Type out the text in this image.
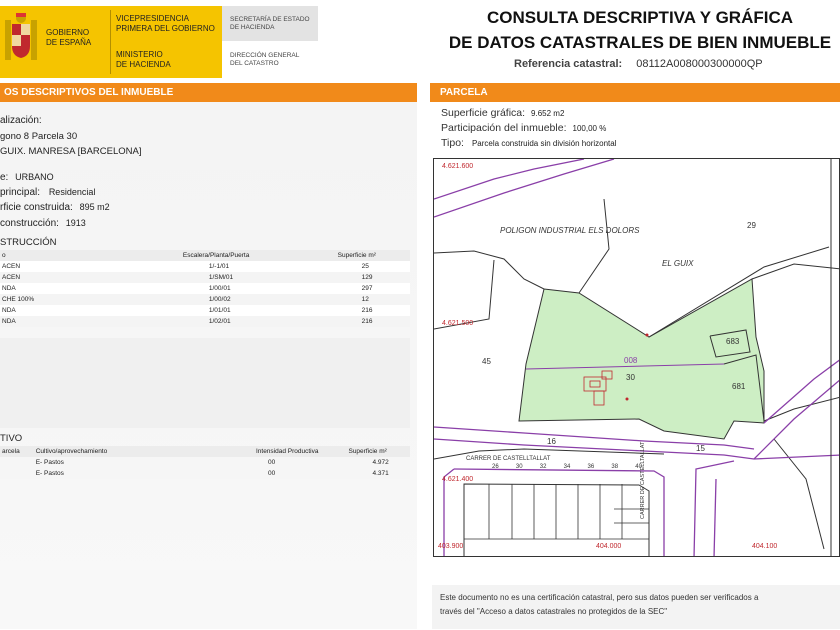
GOBIERNO
DE ESPAÑA
VICEPRESIDENCIA
PRIMERA DEL GOBIERNO
MINISTERIO
DE HACIENDA
SECRETARÍA DE ESTADO
DE HACIENDA
DIRECCIÓN GENERAL
DEL CATASTRO
CONSULTA DESCRIPTIVA Y GRÁFICA
DE DATOS CATASTRALES DE BIEN INMUEBLE
Referencia catastral: 08112A008000300000QP
OS DESCRIPTIVOS DEL INMUEBLE
alización:
gono 8 Parcela 30
GUIX. MANRESA [BARCELONA]
e: URBANO
principal: Residencial
rficie construida: 895 m2
construcción: 1913
STRUCCIÓN
o	Escalera/Planta/Puerta	Superficie m²
ACEN	1/-1/01	25
ACEN	1/SM/01	129
NDA	1/00/01	297
CHE 100%	1/00/02	12
NDA	1/01/01	216
NDA	1/02/01	216
TIVO
arcela	Cultivo/aprovechamiento	Intensidad Productiva	Superficie m²
	E- Pastos	00	4.972
	E- Pastos	00	4.371
PARCELA
Superficie gráfica: 9.652 m2
Participación del inmueble: 100,00 %
Tipo: Parcela construida sin división horizontal
4.621.600
4.621.500
4.621.400
403.900	404.000	404.100
POLIGON INDUSTRIAL ELS DOLORS
EL GUIX
29
45	008
30
683
681
16
15
CARRER DE CASTELLTALLAT
26	30	32	34	36	38	40
CARRER DE CASTELLTALLAT
Este documento no es una certificación catastral, pero sus datos pueden ser verificados a
través del "Acceso a datos catastrales no protegidos de la SEC"
